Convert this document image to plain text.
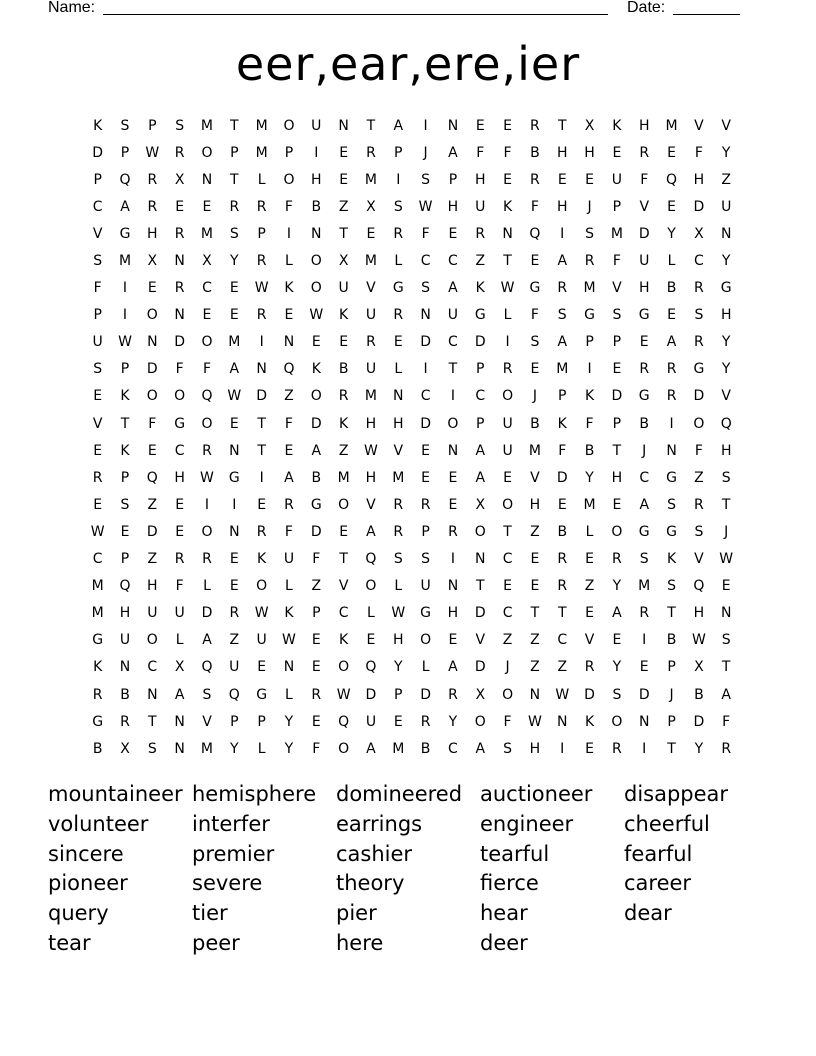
Name:	Date:
eer,ear,ere,ier
K	S	P	S	M	T	M	O	U	N	T	A	I	N	E	E	R	T	X	K	H	M	V	V
D	P	W	R	O	P	M	P	I	E	R	P	J	A	F	F	B	H	H	E	R	E	F	Y
P	Q	R	X	N	T	L	O	H	E	M	I	S	P	H	E	R	E	E	U	F	Q	H	Z
C	A	R	E	E	R	R	F	B	Z	X	S	W	H	U	K	F	H	J	P	V	E	D	U
V	G	H	R	M	S	P	I	N	T	E	R	F	E	R	N	Q	I	S	M	D	Y	X	N
S	M	X	N	X	Y	R	L	O	X	M	L	C	C	Z	T	E	A	R	F	U	L	C	Y
F	I	E	R	C	E	W	K	O	U	V	G	S	A	K	W	G	R	M	V	H	B	R	G
P	I	O	N	E	E	R	E	W	K	U	R	N	U	G	L	F	S	G	S	G	E	S	H
U	W	N	D	O	M	I	N	E	E	R	E	D	C	D	I	S	A	P	P	E	A	R	Y
S	P	D	F	F	A	N	Q	K	B	U	L	I	T	P	R	E	M	I	E	R	R	G	Y
E	K	O	O	Q	W	D	Z	O	R	M	N	C	I	C	O	J	P	K	D	G	R	D	V
V	T	F	G	O	E	T	F	D	K	H	H	D	O	P	U	B	K	F	P	B	I	O	Q
E	K	E	C	R	N	T	E	A	Z	W	V	E	N	A	U	M	F	B	T	J	N	F	H
R	P	Q	H	W	G	I	A	B	M	H	M	E	E	A	E	V	D	Y	H	C	G	Z	S
E	S	Z	E	I	I	E	R	G	O	V	R	R	E	X	O	H	E	M	E	A	S	R	T
W	E	D	E	O	N	R	F	D	E	A	R	P	R	O	T	Z	B	L	O	G	G	S	J
C	P	Z	R	R	E	K	U	F	T	Q	S	S	I	N	C	E	R	E	R	S	K	V	W
M	Q	H	F	L	E	O	L	Z	V	O	L	U	N	T	E	E	R	Z	Y	M	S	Q	E
M	H	U	U	D	R	W	K	P	C	L	W	G	H	D	C	T	T	E	A	R	T	H	N
G	U	O	L	A	Z	U	W	E	K	E	H	O	E	V	Z	Z	C	V	E	I	B	W	S
K	N	C	X	Q	U	E	N	E	O	Q	Y	L	A	D	J	Z	Z	R	Y	E	P	X	T
R	B	N	A	S	Q	G	L	R	W	D	P	D	R	X	O	N	W	D	S	D	J	B	A
G	R	T	N	V	P	P	Y	E	Q	U	E	R	Y	O	F	W	N	K	O	N	P	D	F
B	X	S	N	M	Y	L	Y	F	O	A	M	B	C	A	S	H	I	E	R	I	T	Y	R
mountaineer hemisphere domineered auctioneer	disappear
volunteer	interfer	earrings	engineer	cheerful
sincere	premier	cashier	tearful	fearful
pioneer	severe	theory	fierce	career
query	tier	pier	hear	dear
tear	peer	here	deer
